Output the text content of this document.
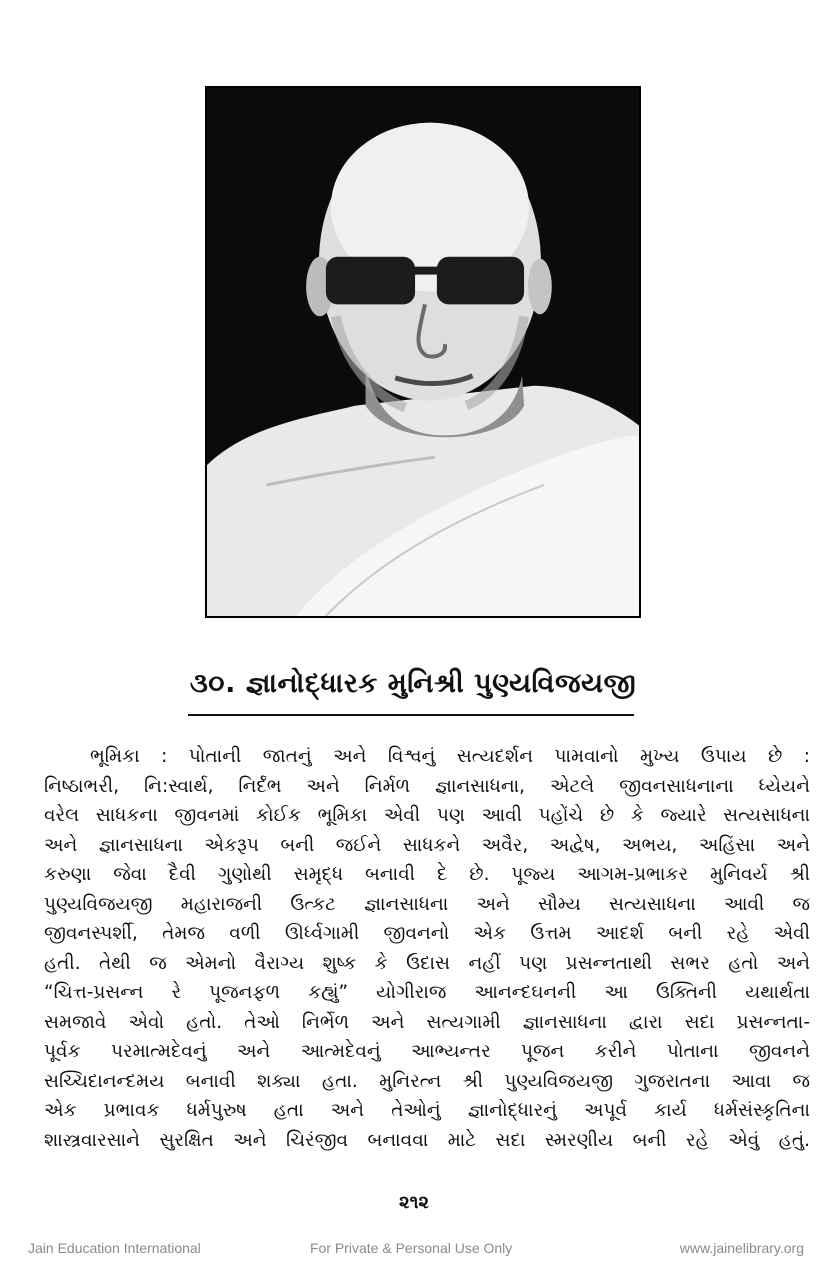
૩૦. જ્ઞાનોદ્ધારક મુનિશ્રી પુણ્યવિજયજી
ભૂમિકા : પોતાની જાતનું અને વિશ્વનું સત્યદર્શન પામવાનો મુખ્ય ઉપાય છે :
નિષ્ઠાભરી, નિ:સ્વાર્થ, નિર્દંભ અને નિર્મળ જ્ઞાનસાધના, એટલે જીવનસાધનાના ધ્યેયને
વરેલ સાધકના જીવનમાં કોઈક ભૂમિકા એવી પણ આવી પહોંચે છે કે જ્યારે સત્યસાધના
અને જ્ઞાનસાધના એકરૂપ બની જઈને સાધકને અવૈર, અદ્વેષ, અભય, અહિંસા અને
કરુણા જેવા દૈવી ગુણોથી સમૃદ્ધ બનાવી દે છે. પૂજ્ય આગમ-પ્રભાકર મુનિવર્ય શ્રી
પુણ્યવિજયજી મહારાજની ઉત્કટ જ્ઞાનસાધના અને સૌમ્ય સત્યસાધના આવી જ
જીવનસ્પર્શી, તેમજ વળી ઊર્ધ્વગામી જીવનનો એક ઉત્તમ આદર્શ બની રહે એવી
હતી. તેથી જ એમનો વૈરાગ્ય શુષ્ક કે ઉદાસ નહીં પણ પ્રસન્નતાથી સભર હતો અને
“ચિત્ત-પ્રસન્ન રે પૂજનફળ કહ્યું” યોગીરાજ આનન્દઘનની આ ઉક્તિની યથાર્થતા
સમજાવે એવો હતો. તેઓ નિર્ભેળ અને સત્યગામી જ્ઞાનસાધના દ્વારા સદા પ્રસન્નતા-
પૂર્વક પરમાત્મદેવનું અને આત્મદેવનું આભ્યન્તર પૂજન કરીને પોતાના જીવનને
સચ્ચિદાનન્દમય બનાવી શક્યા હતા. મુનિરત્ન શ્રી પુણ્યવિજયજી ગુજરાતના આવા જ
એક પ્રભાવક ધર્મપુરુષ હતા અને તેઓનું જ્ઞાનોદ્ધારનું અપૂર્વ કાર્ય ધર્મસંસ્કૃતિના
શાસ્ત્રવારસાને સુરક્ષિત અને ચિરંજીવ બનાવવા માટે સદા સ્મરણીય બની રહે એવું હતું.
૨૧૨
Jain Education International	For Private & Personal Use Only	www.jainelibrary.org
